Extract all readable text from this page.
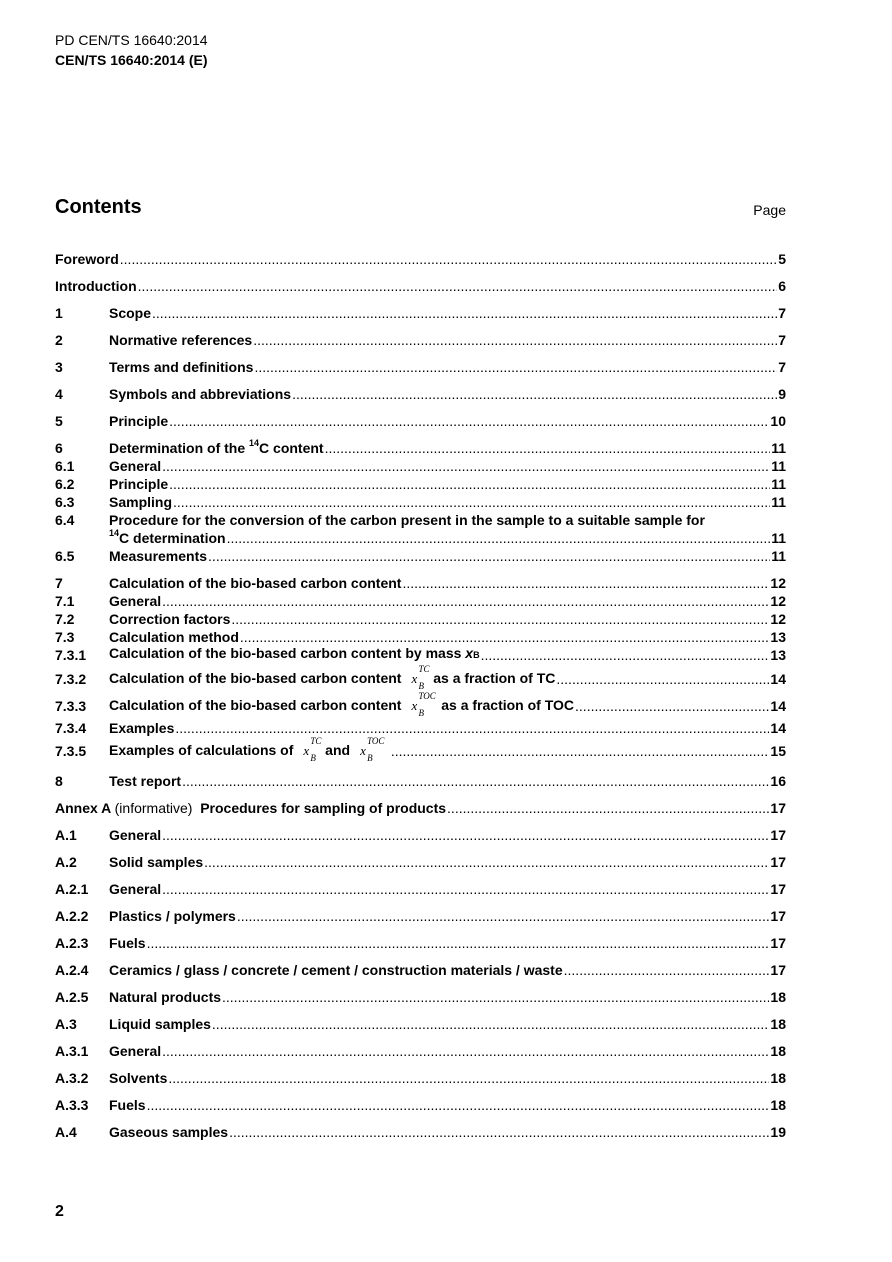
PD CEN/TS 16640:2014
CEN/TS 16640:2014 (E)
Contents	Page
Foreword .....	5
Introduction .....	6
1	Scope .....	7
2	Normative references .....	7
3	Terms and definitions .....	7
4	Symbols and abbreviations .....	9
5	Principle .....	10
6	Determination of the $^{14}$C content .....	11
6.1	General .....	11
6.2	Principle .....	11
6.3	Sampling .....	11
6.4	Procedure for the conversion of the carbon present in the sample to a suitable sample for
$^{14}$C determination .....	11
6.5	Measurements .....	11
7	Calculation of the bio-based carbon content .....	12
7.1	General .....	12
7.2	Correction factors .....	12
7.3	Calculation method .....	13
7.3.1	Calculation of the bio-based carbon content by mass xB .....	13
7.3.2	Calculation of the bio-based carbon content x
TC
B as a fraction of TC .....	14
7.3.3	Calculation of the bio-based carbon content x
TOC
B as a fraction of TOC .....	14
7.3.4	Examples .....	14
7.3.5	Examples of calculations of x
TC
B and x
TOC
B .....	15
8	Test report .....	16
Annex A (informative) Procedures for sampling of products .....	17
A.1	General .....	17
A.2	Solid samples .....	17
A.2.1	General .....	17
A.2.2	Plastics / polymers .....	17
A.2.3	Fuels .....	17
A.2.4	Ceramics / glass / concrete / cement / construction materials / waste .....	17
A.2.5	Natural products .....	18
A.3	Liquid samples .....	18
A.3.1	General .....	18
A.3.2	Solvents .....	18
A.3.3	Fuels .....	18
A.4	Gaseous samples .....	19
2
